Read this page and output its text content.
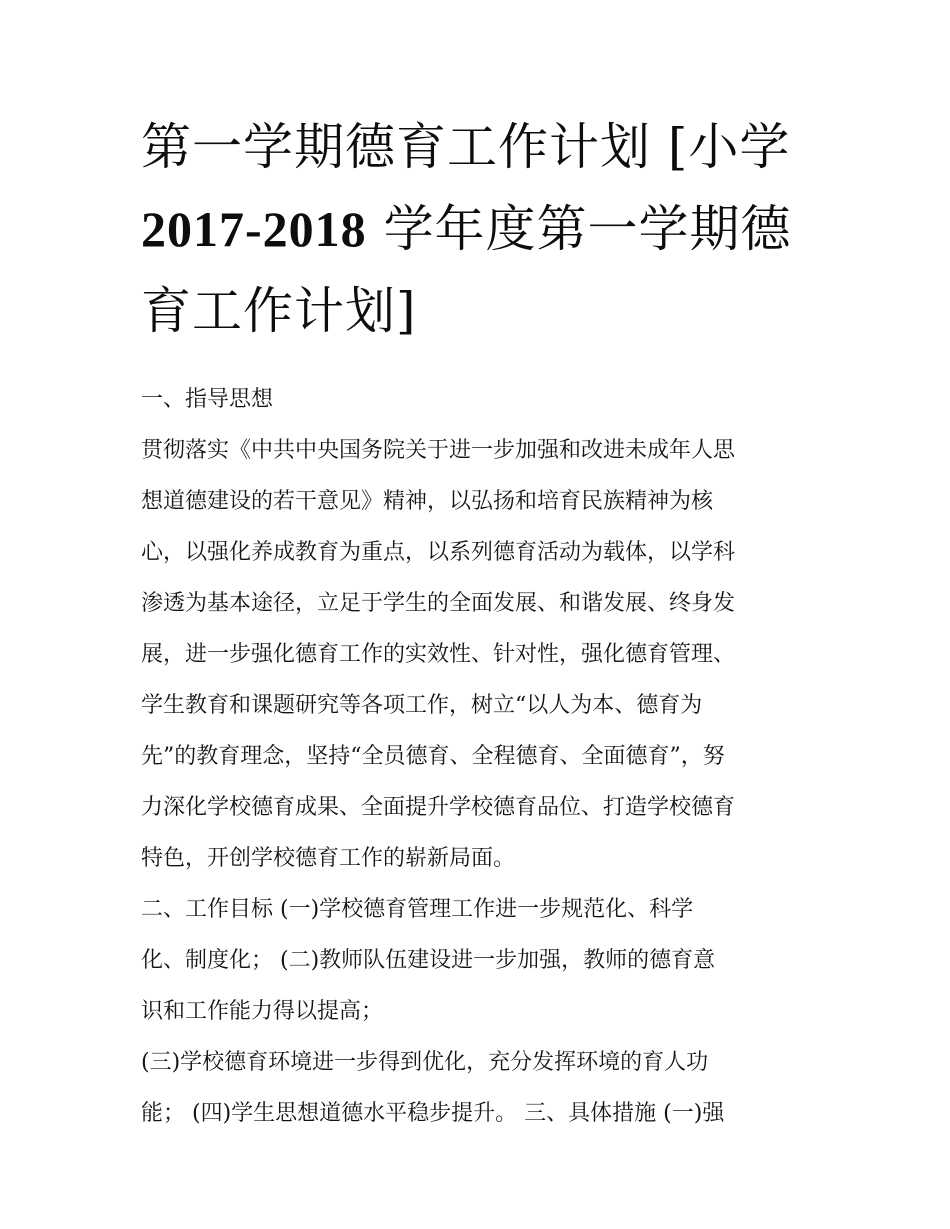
第一学期德育工作计划 [小学
2017-2018 学年度第一学期德
育工作计划]
一、指导思想
贯彻落实《中共中央国务院关于进一步加强和改进未成年人思
想道德建设的若干意见》精神，以弘扬和培育民族精神为核
心，以强化养成教育为重点，以系列德育活动为载体，以学科
渗透为基本途径，立足于学生的全面发展、和谐发展、终身发
展，进一步强化德育工作的实效性、针对性，强化德育管理、
学生教育和课题研究等各项工作，树立“以人为本、德育为
先”的教育理念，坚持“全员德育、全程德育、全面德育”，努
力深化学校德育成果、全面提升学校德育品位、打造学校德育
特色，开创学校德育工作的崭新局面。
二、工作目标 (一)学校德育管理工作进一步规范化、科学
化、制度化； (二)教师队伍建设进一步加强，教师的德育意
识和工作能力得以提高；
(三)学校德育环境进一步得到优化，充分发挥环境的育人功
能； (四)学生思想道德水平稳步提升。 三、具体措施 (一)强
